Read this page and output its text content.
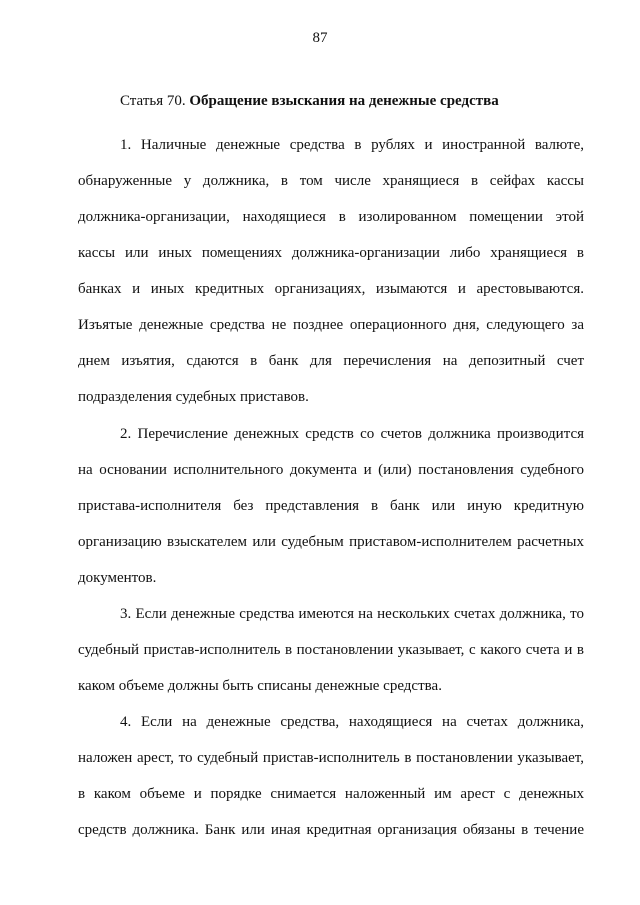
87
Статья 70. Обращение взыскания на денежные средства
1. Наличные денежные средства в рублях и иностранной валюте,
обнаруженные у должника, в том числе хранящиеся в сейфах кассы
должника-организации, находящиеся в изолированном помещении этой
кассы или иных помещениях должника-организации либо хранящиеся в
банках и иных кредитных организациях, изымаются и арестовываются.
Изъятые денежные средства не позднее операционного дня, следующего за
днем изъятия, сдаются в банк для перечисления на депозитный счет
подразделения судебных приставов.
2. Перечисление денежных средств со счетов должника производится
на основании исполнительного документа и (или) постановления судебного
пристава-исполнителя без представления в банк или иную кредитную
организацию взыскателем или судебным приставом-исполнителем расчетных
документов.
3. Если денежные средства имеются на нескольких счетах должника, то
судебный пристав-исполнитель в постановлении указывает, с какого счета и в
каком объеме должны быть списаны денежные средства.
4. Если на денежные средства, находящиеся на счетах должника,
наложен арест, то судебный пристав-исполнитель в постановлении указывает,
в каком объеме и порядке снимается наложенный им арест с денежных
средств должника. Банк или иная кредитная организация обязаны в течение
